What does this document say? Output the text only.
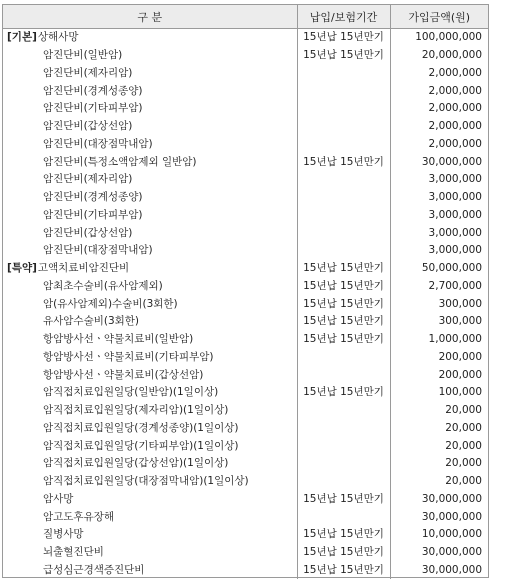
구 분	납입/보험기간	가입금액(원)
[기본]상해사망	15년납 15년만기	100,000,000
암진단비(일반암)	15년납 15년만기	20,000,000
암진단비(제자리암)		2,000,000
암진단비(경계성종양)		2,000,000
암진단비(기타피부암)		2,000,000
암진단비(갑상선암)		2,000,000
암진단비(대장점막내암)		2,000,000
암진단비(특정소액암제외 일반암)	15년납 15년만기	30,000,000
암진단비(제자리암)		3,000,000
암진단비(경계성종양)		3,000,000
암진단비(기타피부암)		3,000,000
암진단비(갑상선암)		3,000,000
암진단비(대장점막내암)		3,000,000
[특약]고액치료비암진단비	15년납 15년만기	50,000,000
암최초수술비(유사암제외)	15년납 15년만기	2,700,000
암(유사암제외)수술비(3회한)	15년납 15년만기	300,000
유사암수술비(3회한)	15년납 15년만기	300,000
항암방사선ㆍ약물치료비(일반암)	15년납 15년만기	1,000,000
항암방사선ㆍ약물치료비(기타피부암)		200,000
항암방사선ㆍ약물치료비(갑상선암)		200,000
암직접치료입원일당(일반암)(1일이상)	15년납 15년만기	100,000
암직접치료입원일당(제자리암)(1일이상)		20,000
암직접치료입원일당(경계성종양)(1일이상)		20,000
암직접치료입원일당(기타피부암)(1일이상)		20,000
암직접치료입원일당(갑상선암)(1일이상)		20,000
암직접치료입원일당(대장점막내암)(1일이상)		20,000
암사망	15년납 15년만기	30,000,000
암고도후유장해		30,000,000
질병사망	15년납 15년만기	10,000,000
뇌출혈진단비	15년납 15년만기	30,000,000
급성심근경색증진단비	15년납 15년만기	30,000,000
